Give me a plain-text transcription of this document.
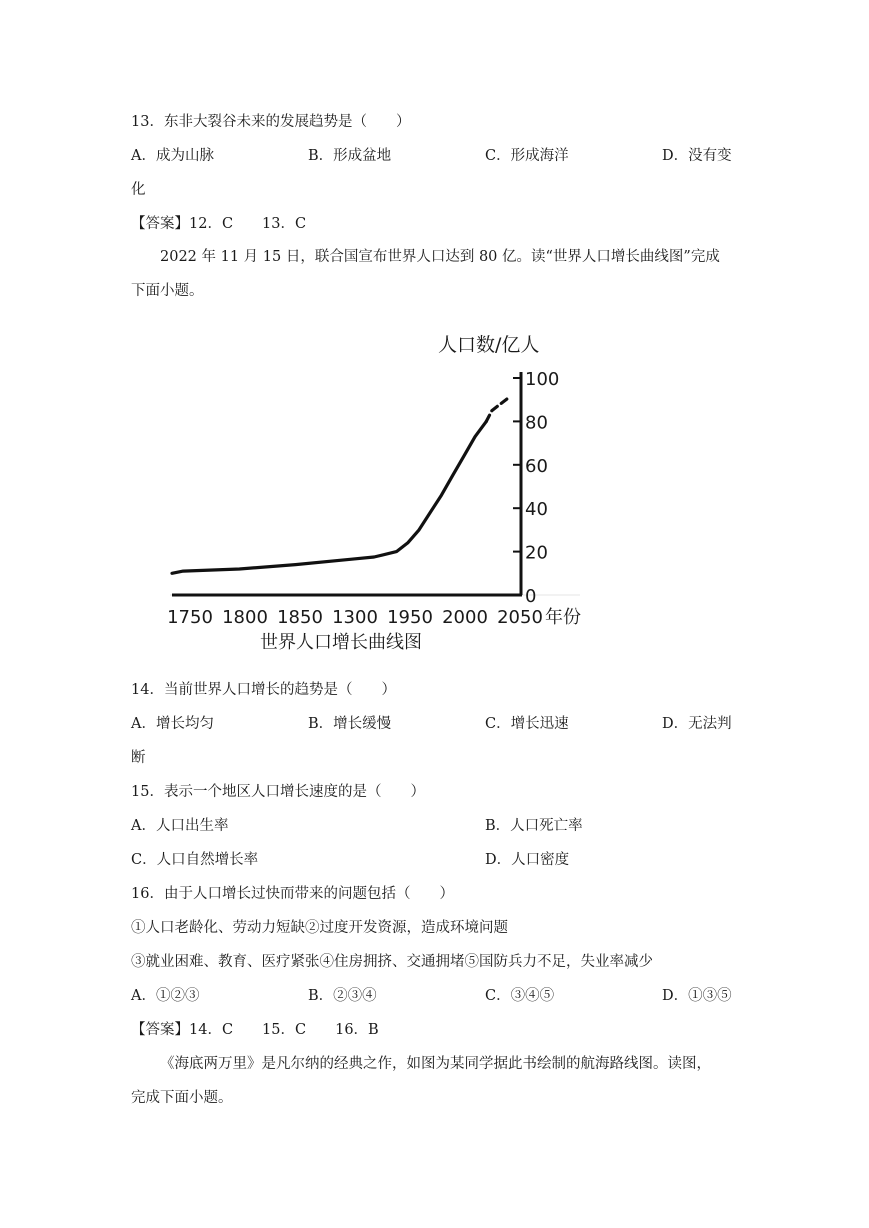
13．东非大裂谷未来的发展趋势是（　　）
A．成为山脉	B．形成盆地	C．形成海洋	D．没有变
化
【答案】12．C　　13．C
2022 年 11 月 15 日，联合国宣布世界人口达到 80 亿。读“世界人口增长曲线图”完成
下面小题。
人口数/亿人
年份
世界人口增长曲线图
0
20
40
60
80
100
1750 1800 1850 1300 1950 2000 2050
14．当前世界人口增长的趋势是（　　）
A．增长均匀	B．增长缓慢	C．增长迅速	D．无法判
断
15．表示一个地区人口增长速度的是（　　）
A．人口出生率	B．人口死亡率
C．人口自然增长率	D．人口密度
16．由于人口增长过快而带来的问题包括（　　）
①人口老龄化、劳动力短缺②过度开发资源，造成环境问题
③就业困难、教育、医疗紧张④住房拥挤、交通拥堵⑤国防兵力不足，失业率减少
A．①②③	B．②③④	C．③④⑤	D．①③⑤
【答案】14．C　　15．C　　16．B
《海底两万里》是凡尔纳的经典之作，如图为某同学据此书绘制的航海路线图。读图，
完成下面小题。
